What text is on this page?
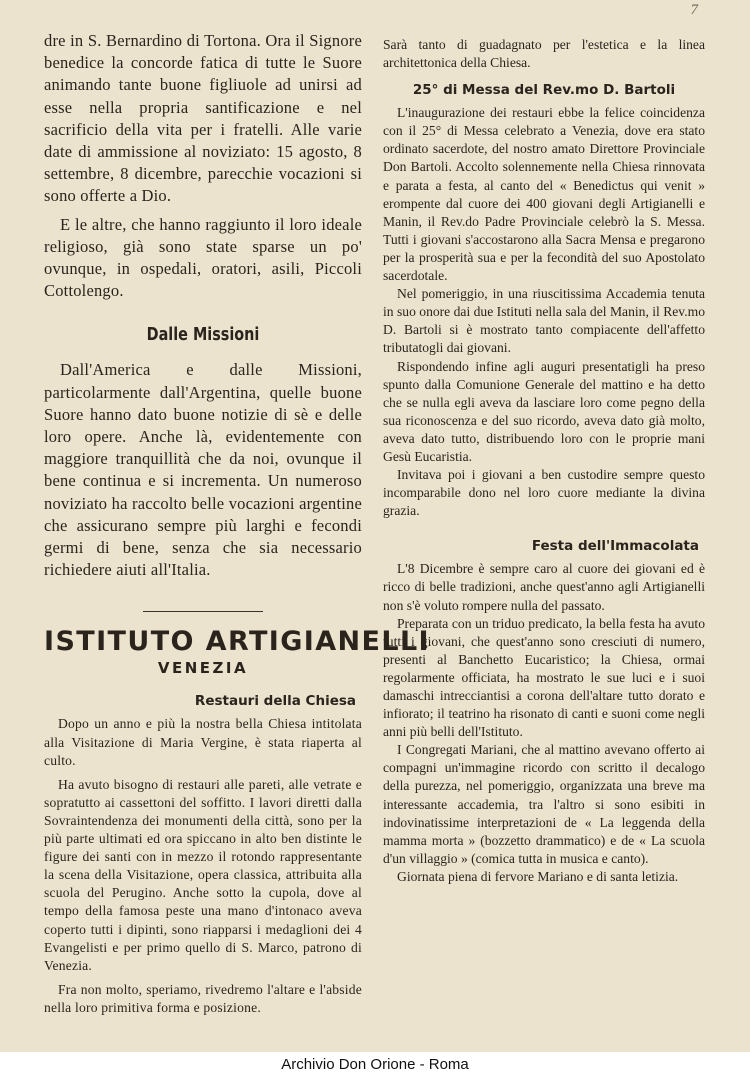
7

dre in S. Bernardino di Tortona. Ora il Signore benedice la concorde fatica di tutte le Suore animando tante buone figliuole ad unirsi ad esse nella propria santificazione e nel sacrificio della vita per i fratelli. Alle varie date di ammissione al noviziato: 15 agosto, 8 settembre, 8 dicembre, parecchie vocazioni si sono offerte a Dio.

E le altre, che hanno raggiunto il loro ideale religioso, già sono state sparse un po' ovunque, in ospedali, oratori, asili, Piccoli Cottolengo.

Dalle Missioni

Dall'America e dalle Missioni, particolarmente dall'Argentina, quelle buone Suore hanno dato buone notizie di sè e delle loro opere. Anche là, evidentemente con maggiore tranquillità che da noi, ovunque il bene continua e si incrementa. Un numeroso noviziato ha raccolto belle vocazioni argentine che assicurano sempre più larghi e fecondi germi di bene, senza che sia necessario richiedere aiuti all'Italia.

ISTITUTO ARTIGIANELLI
VENEZIA
Restauri della Chiesa

Dopo un anno e più la nostra bella Chiesa intitolata alla Visitazione di Maria Vergine, è stata riaperta al culto.

Ha avuto bisogno di restauri alle pareti, alle vetrate e sopratutto ai cassettoni del soffitto. I lavori diretti dalla Sovraintendenza dei monumenti della città, sono per la più parte ultimati ed ora spiccano in alto ben distinte le figure dei santi con in mezzo il rotondo rappresentante la scena della Visitazione, opera classica, attribuita alla scuola del Perugino. Anche sotto la cupola, dove al tempo della famosa peste una mano d'intonaco aveva coperto tutti i dipinti, sono riapparsi i medaglioni dei 4 Evangelisti e per primo quello di S. Marco, patrono di Venezia.

Fra non molto, speriamo, rivedremo l'altare e l'abside nella loro primitiva forma e posizione.

Sarà tanto di guadagnato per l'estetica e la linea architettonica della Chiesa.

25° di Messa del Rev.mo D. Bartoli

L'inaugurazione dei restauri ebbe la felice coincidenza con il 25° di Messa celebrato a Venezia, dove era stato ordinato sacerdote, del nostro amato Direttore Provinciale Don Bartoli. Accolto solennemente nella Chiesa rinnovata e parata a festa, al canto del « Benedictus qui venit » erompente dal cuore dei 400 giovani degli Artigianelli e Manin, il Rev.do Padre Provinciale celebrò la S. Messa. Tutti i giovani s'accostarono alla Sacra Mensa e pregarono per la prosperità sua e per la fecondità del suo Apostolato sacerdotale.

Nel pomeriggio, in una riuscitissima Accademia tenuta in suo onore dai due Istituti nella sala del Manin, il Rev.mo D. Bartoli si è mostrato tanto compiacente dell'affetto tributatogli dai giovani.

Rispondendo infine agli auguri presentatigli ha preso spunto dalla Comunione Generale del mattino e ha detto che se nulla egli aveva da lasciare loro come pegno della sua riconoscenza e del suo ricordo, aveva dato già molto, aveva dato tutto, distribuendo loro con le proprie mani Gesù Eucaristia.

Invitava poi i giovani a ben custodire sempre questo incomparabile dono nel loro cuore mediante la divina grazia.

Festa dell'Immacolata

L'8 Dicembre è sempre caro al cuore dei giovani ed è ricco di belle tradizioni, anche quest'anno agli Artigianelli non s'è voluto rompere nulla del passato.

Preparata con un triduo predicato, la bella festa ha avuto tutti i giovani, che quest'anno sono cresciuti di numero, presenti al Banchetto Eucaristico; la Chiesa, ormai regolarmente officiata, ha mostrato le sue luci e i suoi damaschi intrecciantisi a corona dell'altare tutto dorato e infiorato; il teatrino ha risonato di canti e suoni come negli anni più belli dell'Istituto.

I Congregati Mariani, che al mattino avevano offerto ai compagni un'immagine ricordo con scritto il decalogo della purezza, nel pomeriggio, organizzata una breve ma interessante accademia, tra l'altro si sono esibiti in indovinatissime interpretazioni de « La leggenda della mamma morta » (bozzetto drammatico) e de « La scuola d'un villaggio » (comica tutta in musica e canto).

Giornata piena di fervore Mariano e di santa letizia.

Archivio Don Orione - Roma
